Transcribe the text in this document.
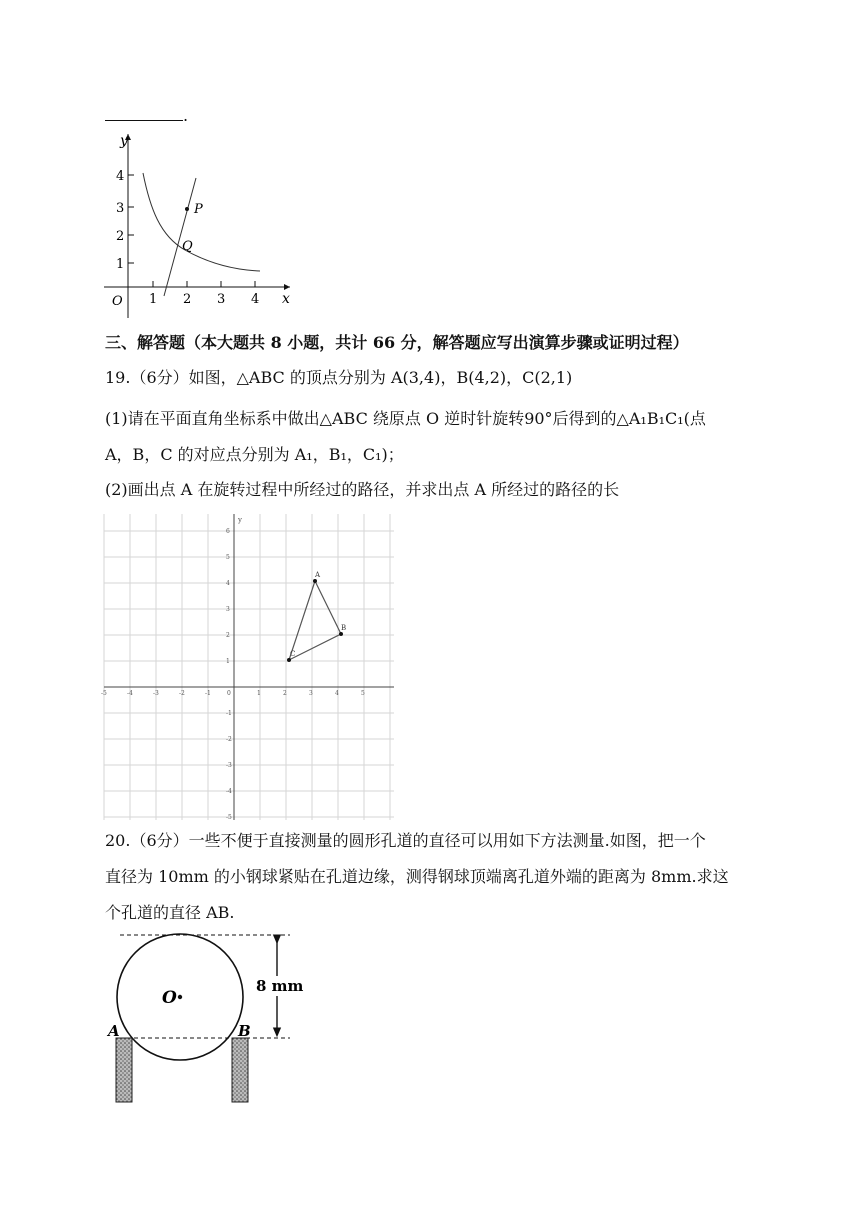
.
y
x
O 1 2 3 4
1
2
3
4
P
Q
三、解答题（本大题共 8 小题，共计 66 分，解答题应写出演算步骤或证明过程）
19.（6分）如图，△ABC 的顶点分别为 A(3,4)，B(4,2)，C(2,1)
(1)请在平面直角坐标系中做出△ABC 绕原点 O 逆时针旋转90°后得到的△A₁B₁C₁(点
A，B，C 的对应点分别为 A₁，B₁，C₁)；
(2)画出点 A 在旋转过程中所经过的路径，并求出点 A 所经过的路径的长
-5	-4	-3	-2	-1	1	2	3	4	5
6
5
4
3
2
1
-1
-2
-3
-4
-5
y
0
A
B
C
20.（6分）一些不便于直接测量的圆形孔道的直径可以用如下方法测量.如图，把一个
直径为 10mm 的小钢球紧贴在孔道边缘，测得钢球顶端离孔道外端的距离为 8mm.求这
个孔道的直径 AB.
O
A	B
8 mm
